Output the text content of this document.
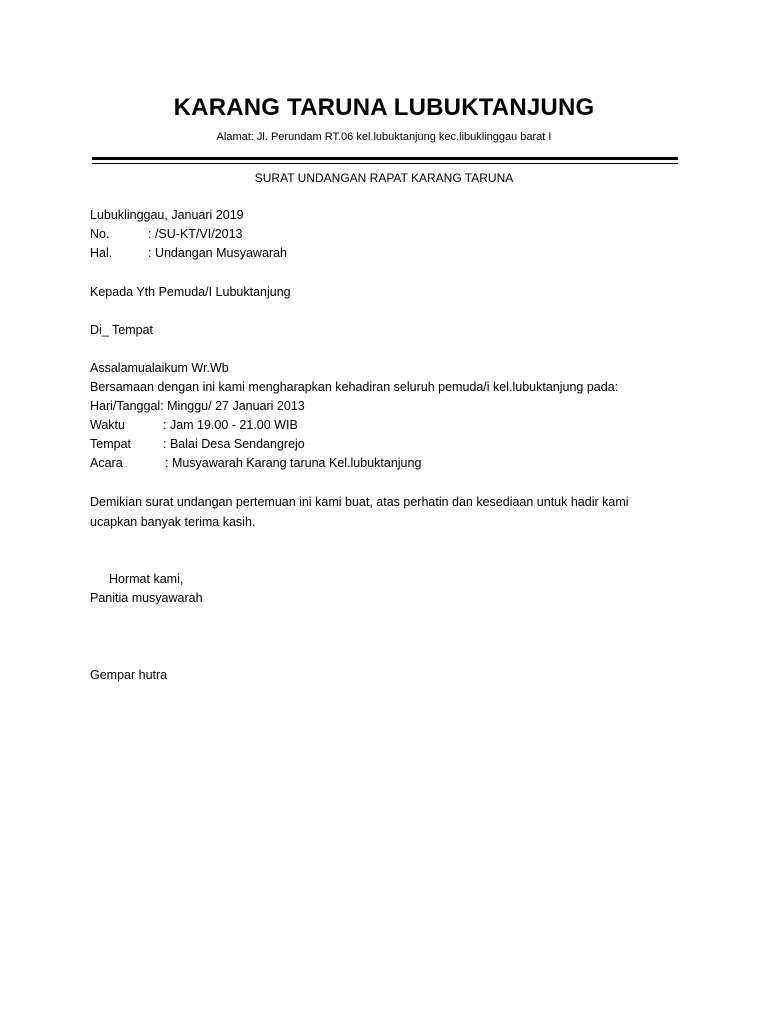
KARANG TARUNA LUBUKTANJUNG
Alamat: Jl. Perundam RT.06 kel.lubuktanjung kec.libuklinggau barat I
SURAT UNDANGAN RAPAT KARANG TARUNA
Lubuklinggau, Januari 2019
No.	: /SU-KT/VI/2013
Hal.	: Undangan Musyawarah
Kepada Yth Pemuda/I Lubuktanjung
Di_ Tempat
Assalamualaikum Wr.Wb
Bersamaan dengan ini kami mengharapkan kehadiran seluruh pemuda/i kel.lubuktanjung pada:
Hari/Tanggal: Minggu/ 27 Januari 2013
Waktu	: Jam 19.00 - 21.00 WIB
Tempat	: Balai Desa Sendangrejo
Acara	: Musyawarah Karang taruna Kel.lubuktanjung
Demikian surat undangan pertemuan ini kami buat, atas perhatin dan kesediaan untuk hadir kami
ucapkan banyak terima kasih.
Hormat kami,
Panitia musyawarah
Gempar hutra
